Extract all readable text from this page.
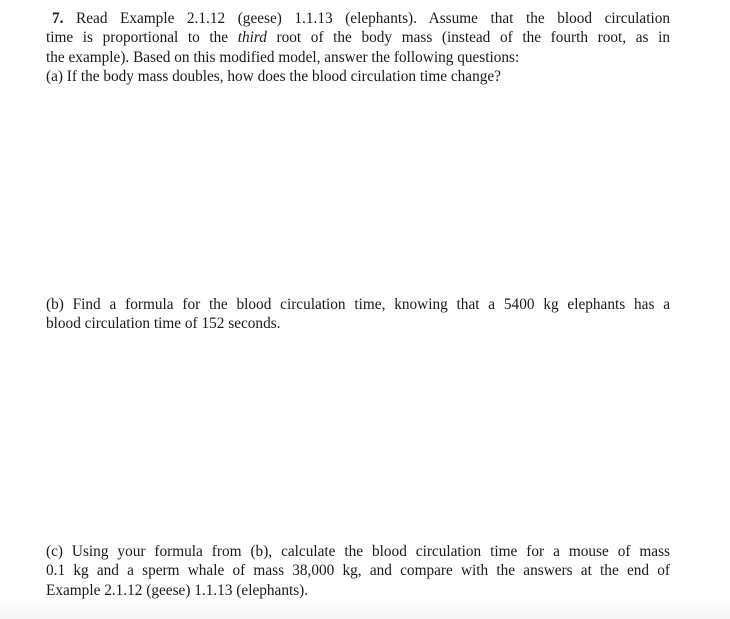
7. Read Example 2.1.12 (geese) 1.1.13 (elephants). Assume that the blood circulation
time is proportional to the third root of the body mass (instead of the fourth root, as in
the example). Based on this modified model, answer the following questions:
(a) If the body mass doubles, how does the blood circulation time change?
(b) Find a formula for the blood circulation time, knowing that a 5400 kg elephants has a
blood circulation time of 152 seconds.
(c) Using your formula from (b), calculate the blood circulation time for a mouse of mass
0.1 kg and a sperm whale of mass 38,000 kg, and compare with the answers at the end of
Example 2.1.12 (geese) 1.1.13 (elephants).
